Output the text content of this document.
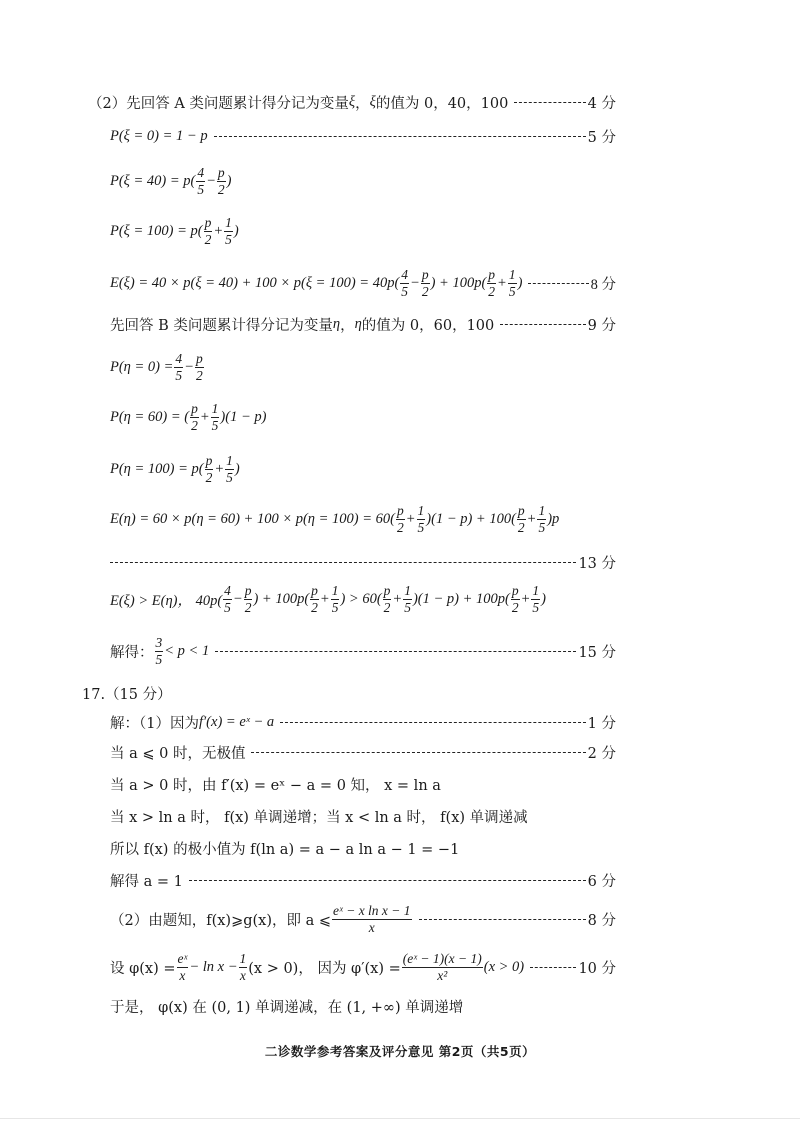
（2）先回答 A 类问题累计得分记为变量 ξ ， ξ 的值为 0，40，100	4 分
P(ξ = 0) = 1 − p	5 分
$P(\xi = 40) = p( \frac{4}{5} - \frac{p}{2}$ )
$P(\xi = 100) = p( \frac{p}{2} + \frac{1}{5}$ )
$E(\xi) = 40 \times p(\xi = 40) + 100 \times p(\xi = 100) = 40p( \frac{4}{5} - \frac{p}{2}$ ) + $100p( \frac{p}{2} + \frac{1}{5}$ )	8 分
先回答 B 类问题累计得分记为变量 η ， η 的值为 0，60，100	9 分
$P(\eta = 0) = \frac{4}{5} - \frac{p}{2}$
P(η = 60) = ( $\frac{p}{2} + \frac{1}{5} )(1 - p)$
$P(\eta = 100) = p( \frac{p}{2} + \frac{1}{5}$ )
$E(\eta) = 60 \times p(\eta = 60) + 100 \times p(\eta = 100) = 60( \frac{p}{2} + \frac{1}{5} )(1 - p) + 100( \frac{p}{2} + \frac{1}{5} )p$
13 分
E(ξ) > E(η)， $40p( \frac{4}{5} - \frac{p}{2}$ ) + $100p( \frac{p}{2} + \frac{1}{5}$ ) > $60( \frac{p}{2} + \frac{1}{5} )(1 - p) + 100p( \frac{p}{2} + \frac{1}{5}$ )
解得： $\frac{3}{5} < p < 1$	15 分
17.（15 分）
解：（1）因为 f′(x) = eˣ − a	1 分
当 a ⩽ 0 时，无极值	2 分
当 a > 0 时，由 f′(x) = eˣ − a = 0 知， x = ln a
当 x > ln a 时， f(x) 单调递增；当 x < ln a 时， f(x) 单调递减
所以 f(x) 的极小值为 f(ln a) = a − a ln a − 1 = −1
解得 a = 1	6 分
（2）由题知，f(x)⩾g(x)，即 a ⩽ $\frac{\text{eˣ − x ln x − 1}}{x}$	8 分
设 $\varphi(x) = \frac{\text{eˣ}}{x} - \ln x - \frac{1}{x} (x > 0)$， 因为 $\varphi'(x) = \frac{\text{(eˣ − 1)(x − 1)}}{\text{x²}} (x > 0)$	10 分
于是， φ(x) 在 (0, 1) 单调递减，在 (1, +∞) 单调递增
二诊数学参考答案及评分意见 第2页（共5页）
